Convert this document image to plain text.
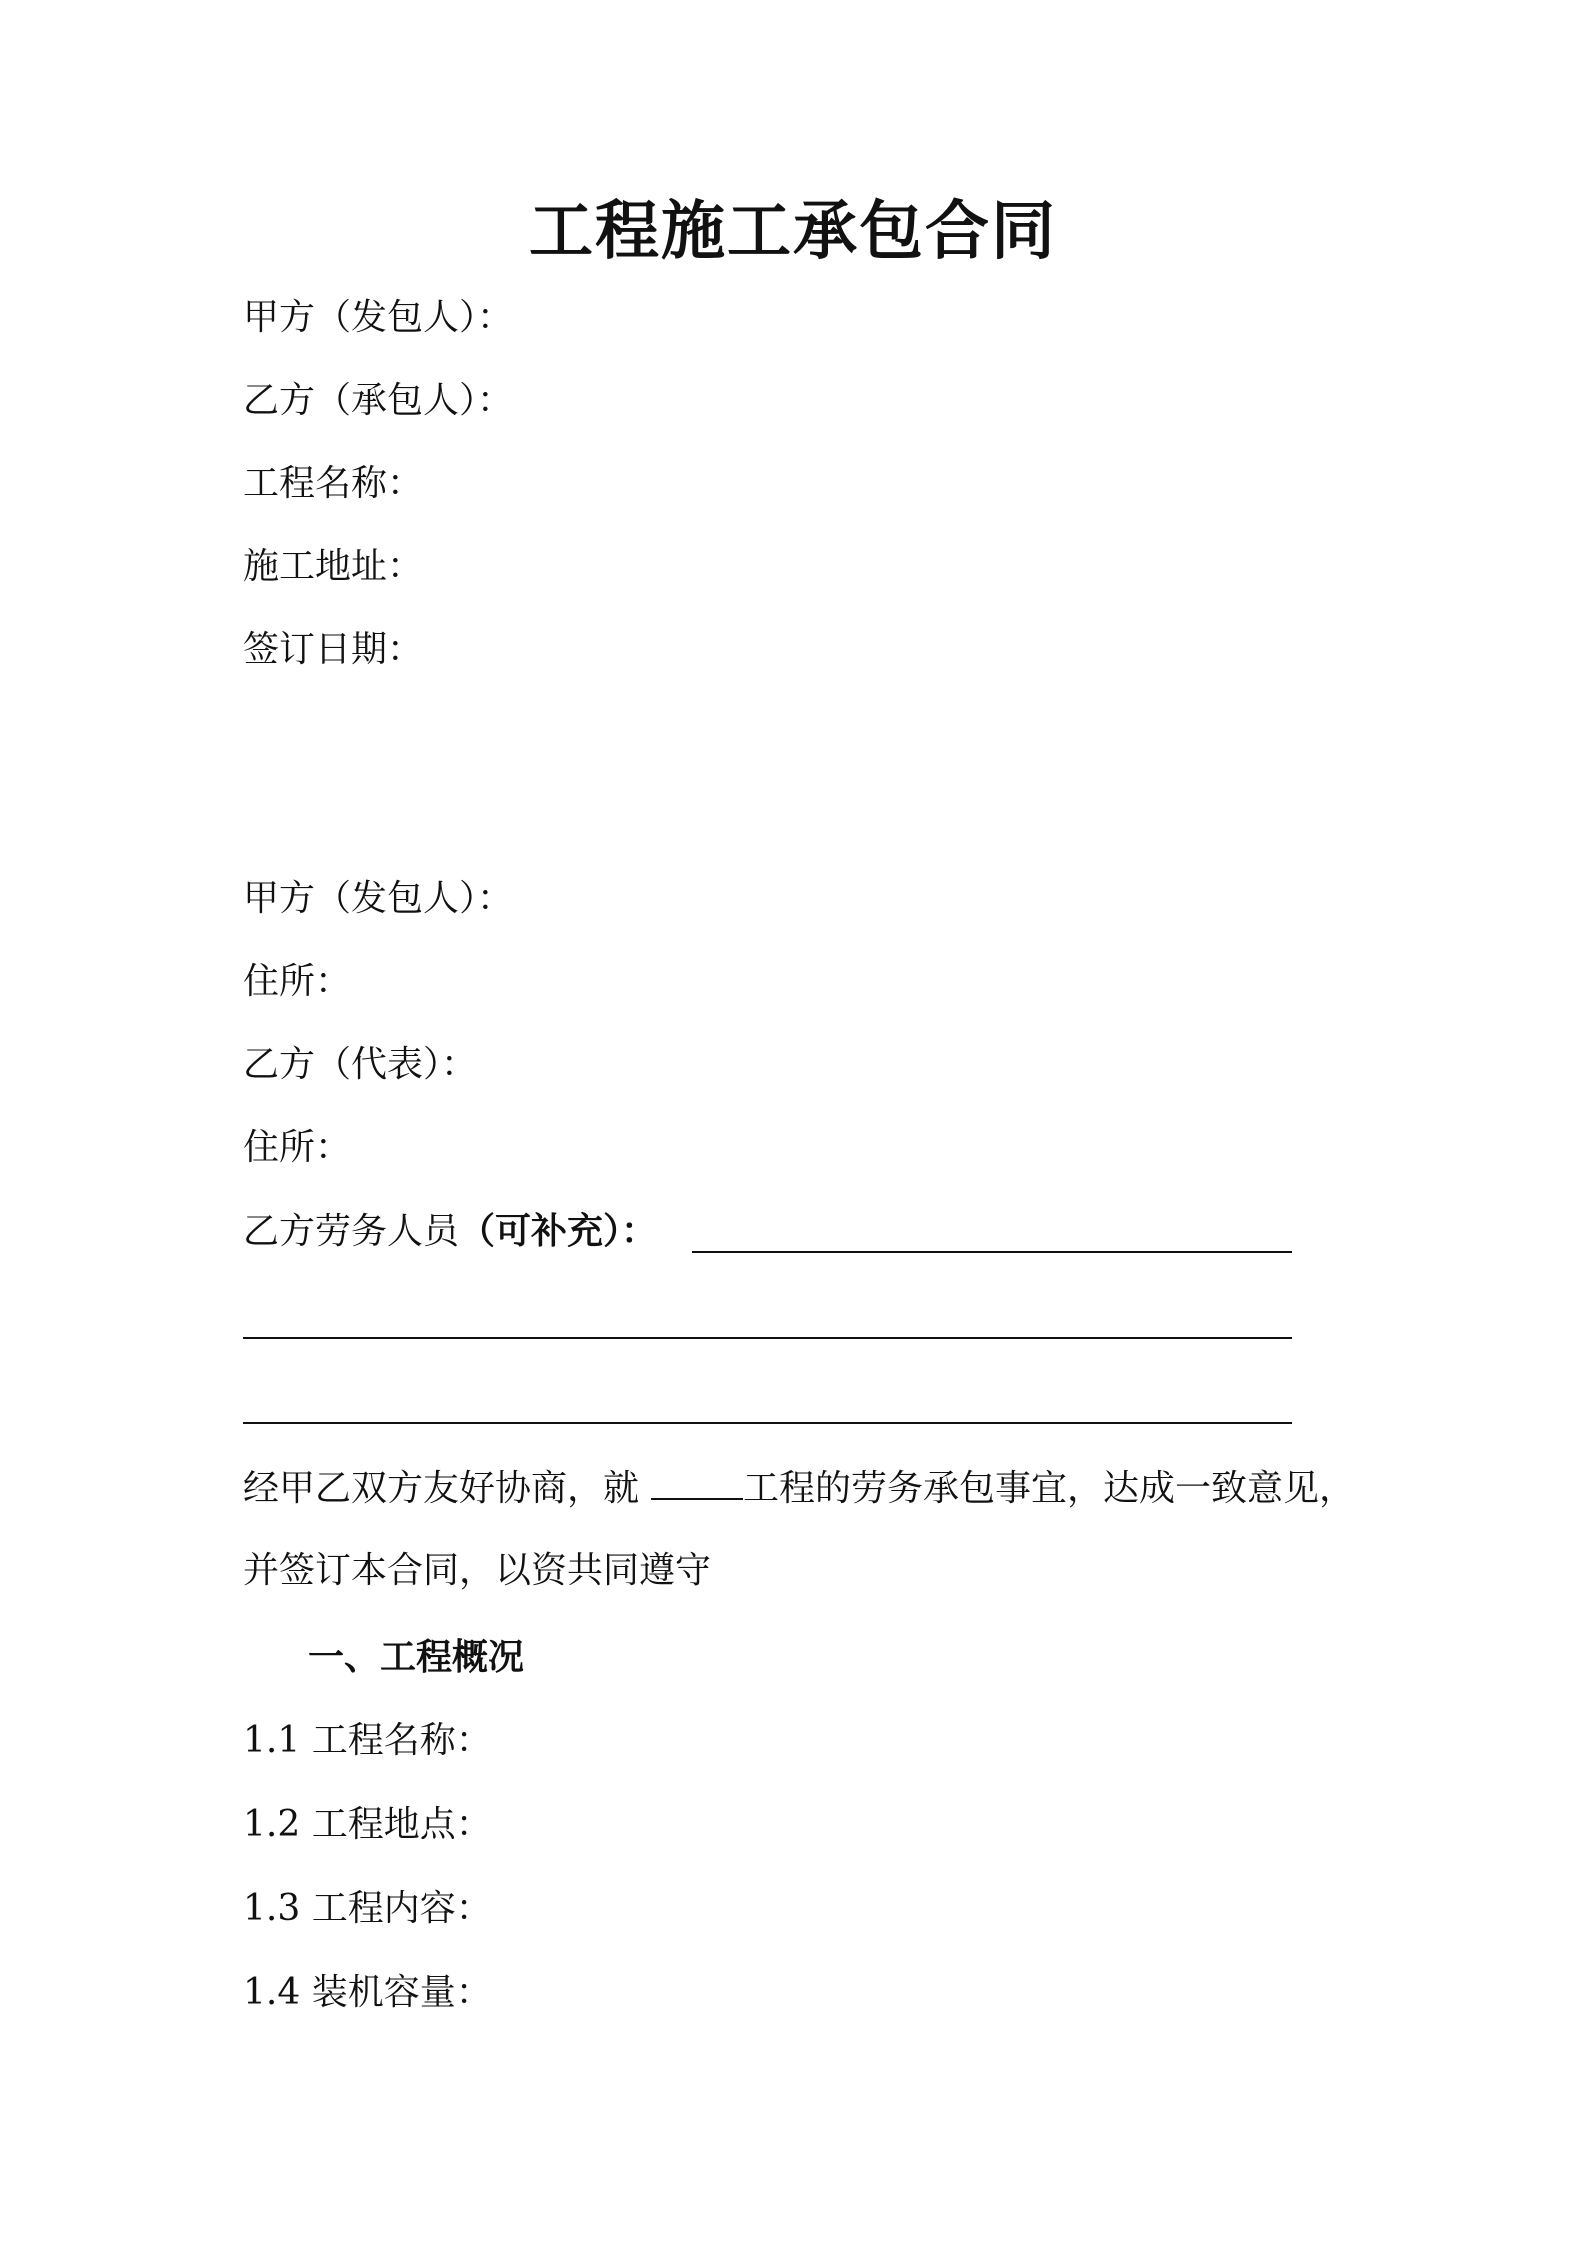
工程施工承包合同
甲方（发包人）：
乙方（承包人）：
工程名称：
施工地址：
签订日期：
甲方（发包人）：
住所：
乙方（代表）：
住所：
乙方劳务人员（可补充）：
经甲乙双方友好协商，就	工程的劳务承包事宜，达成一致意见，
并签订本合同，以资共同遵守
一、工程概况
1.1 工程名称：
1.2 工程地点：
1.3 工程内容：
1.4 装机容量：
